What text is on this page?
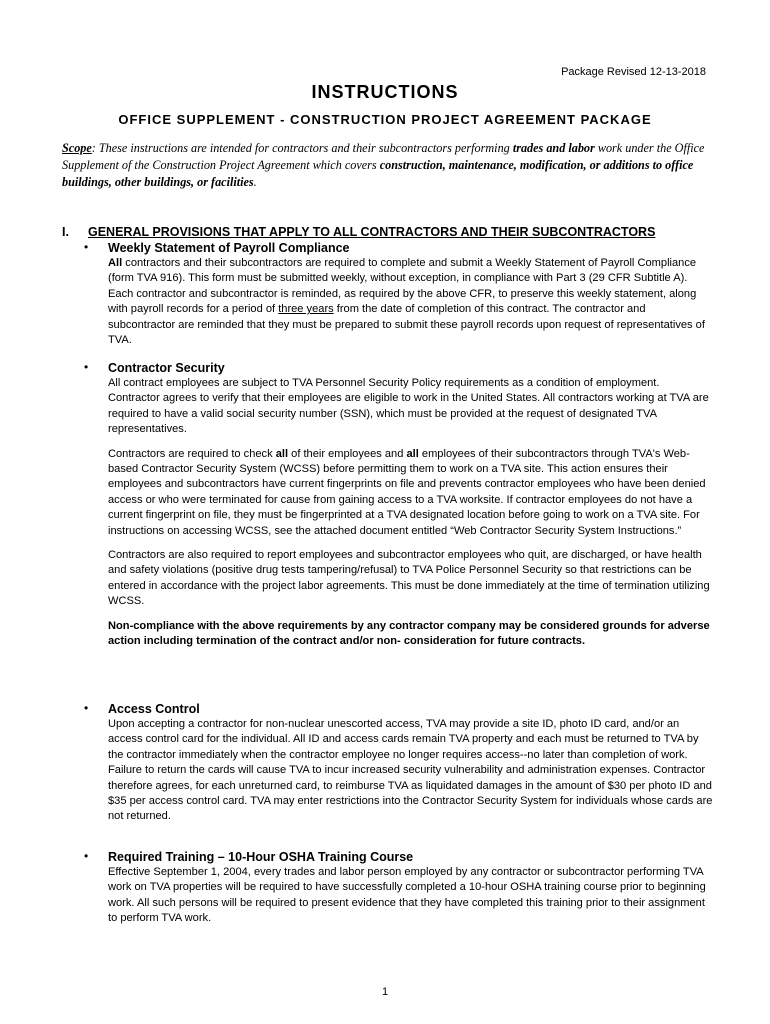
Package Revised 12-13-2018
INSTRUCTIONS
OFFICE SUPPLEMENT - CONSTRUCTION PROJECT AGREEMENT PACKAGE
Scope: These instructions are intended for contractors and their subcontractors performing trades and labor work under the Office Supplement of the Construction Project Agreement which covers construction, maintenance, modification, or additions to office buildings, other buildings, or facilities.
I. GENERAL PROVISIONS THAT APPLY TO ALL CONTRACTORS AND THEIR SUBCONTRACTORS
• Weekly Statement of Payroll Compliance
All contractors and their subcontractors are required to complete and submit a Weekly Statement of Payroll Compliance (form TVA 916). This form must be submitted weekly, without exception, in compliance with Part 3 (29 CFR Subtitle A). Each contractor and subcontractor is reminded, as required by the above CFR, to preserve this weekly statement, along with payroll records for a period of three years from the date of completion of this contract. The contractor and subcontractor are reminded that they must be prepared to submit these payroll records upon request of representatives of TVA.
• Contractor Security
All contract employees are subject to TVA Personnel Security Policy requirements as a condition of employment. Contractor agrees to verify that their employees are eligible to work in the United States. All contractors working at TVA are required to have a valid social security number (SSN), which must be provided at the request of designated TVA representatives.
Contractors are required to check all of their employees and all employees of their subcontractors through TVA's Web-based Contractor Security System (WCSS) before permitting them to work on a TVA site. This action ensures their employees and subcontractors have current fingerprints on file and prevents contractor employees who have been denied access or who were terminated for cause from gaining access to a TVA worksite. If contractor employees do not have a current fingerprint on file, they must be fingerprinted at a TVA designated location before going to work on a TVA site. For instructions on accessing WCSS, see the attached document entitled “Web Contractor Security System Instructions.”
Contractors are also required to report employees and subcontractor employees who quit, are discharged, or have health and safety violations (positive drug tests tampering/refusal) to TVA Police Personnel Security so that restrictions can be entered in accordance with the project labor agreements. This must be done immediately at the time of termination utilizing WCSS.
Non-compliance with the above requirements by any contractor company may be considered grounds for adverse action including termination of the contract and/or non- consideration for future contracts.
• Access Control
Upon accepting a contractor for non-nuclear unescorted access, TVA may provide a site ID, photo ID card, and/or an access control card for the individual. All ID and access cards remain TVA property and each must be returned to TVA by the contractor immediately when the contractor employee no longer requires access--no later than completion of work. Failure to return the cards will cause TVA to incur increased security vulnerability and administration expenses. Contractor therefore agrees, for each unreturned card, to reimburse TVA as liquidated damages in the amount of $30 per photo ID and $35 per access control card. TVA may enter restrictions into the Contractor Security System for individuals whose cards are not returned.
• Required Training – 10-Hour OSHA Training Course
Effective September 1, 2004, every trades and labor person employed by any contractor or subcontractor performing TVA work on TVA properties will be required to have successfully completed a 10-hour OSHA training course prior to beginning work. All such persons will be required to present evidence that they have completed this training prior to their assignment to perform TVA work.
1
